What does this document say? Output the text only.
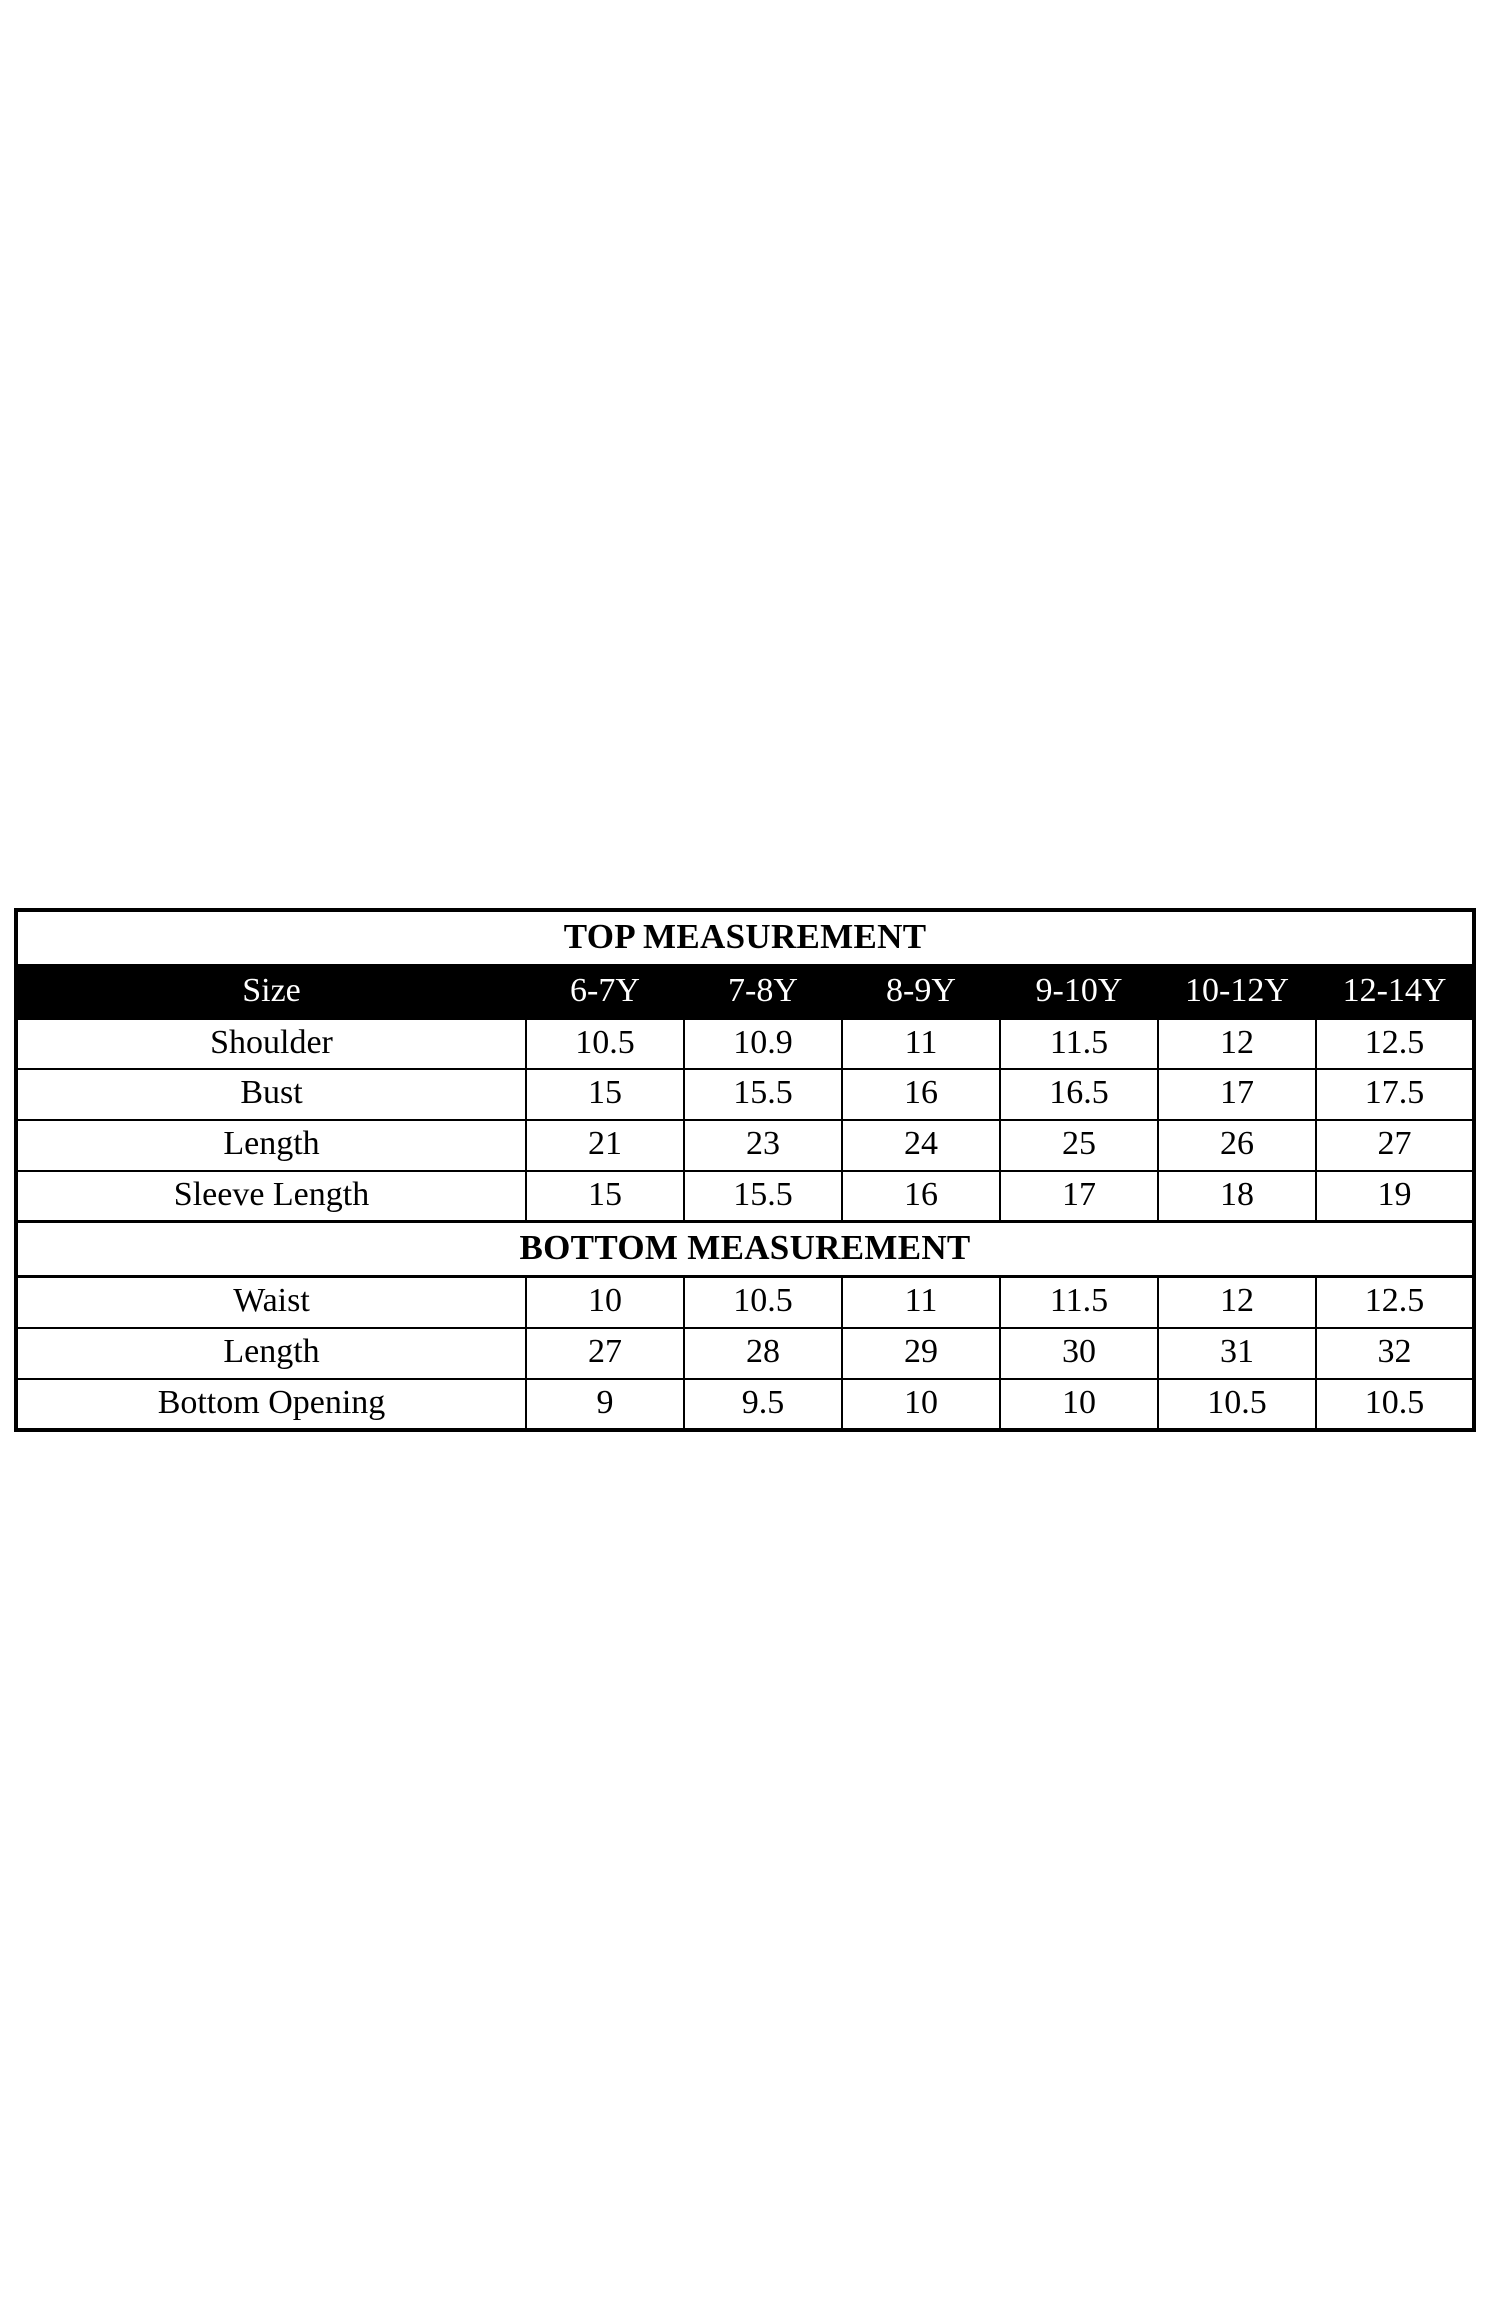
TOP MEASUREMENT						
Size	6-7Y	7-8Y	8-9Y	9-10Y	10-12Y	12-14Y
Shoulder	10.5	10.9	11	11.5	12	12.5
Bust	15	15.5	16	16.5	17	17.5
Length	21	23	24	25	26	27
Sleeve Length	15	15.5	16	17	18	19
BOTTOM MEASUREMENT						
Waist	10	10.5	11	11.5	12	12.5
Length	27	28	29	30	31	32
Bottom Opening	9	9.5	10	10	10.5	10.5
